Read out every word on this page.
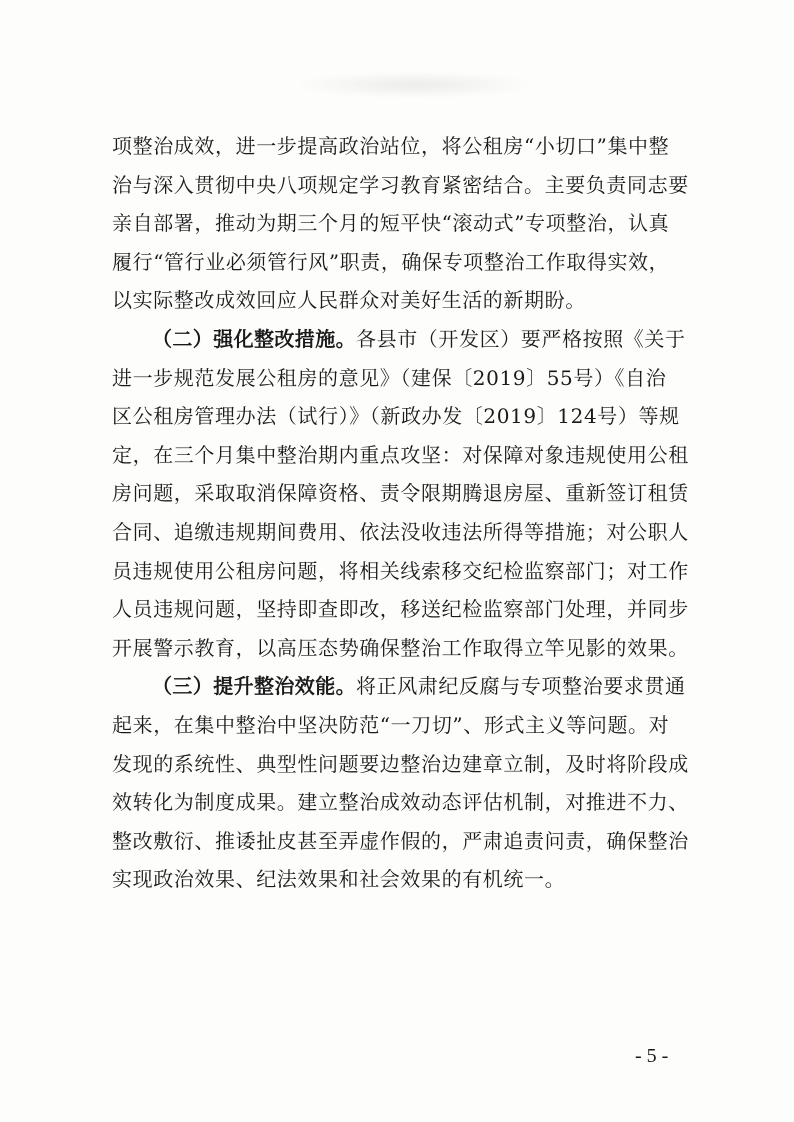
项整治成效，进一步提高政治站位，将公租房“小切口”集中整
治与深入贯彻中央八项规定学习教育紧密结合。主要负责同志要
亲自部署，推动为期三个月的短平快“滚动式”专项整治，认真
履行“管行业必须管行风”职责，确保专项整治工作取得实效，
以实际整改成效回应人民群众对美好生活的新期盼。
（二）强化整改措施。各县市（开发区）要严格按照《关于
进一步规范发展公租房的意见》（建保〔2019〕55号）《自治
区公租房管理办法（试行）》（新政办发〔2019〕124号）等规
定，在三个月集中整治期内重点攻坚：对保障对象违规使用公租
房问题，采取取消保障资格、责令限期腾退房屋、重新签订租赁
合同、追缴违规期间费用、依法没收违法所得等措施；对公职人
员违规使用公租房问题，将相关线索移交纪检监察部门；对工作
人员违规问题，坚持即查即改，移送纪检监察部门处理，并同步
开展警示教育，以高压态势确保整治工作取得立竿见影的效果。
（三）提升整治效能。将正风肃纪反腐与专项整治要求贯通
起来，在集中整治中坚决防范“一刀切”、形式主义等问题。对
发现的系统性、典型性问题要边整治边建章立制，及时将阶段成
效转化为制度成果。建立整治成效动态评估机制，对推进不力、
整改敷衍、推诿扯皮甚至弄虚作假的，严肃追责问责，确保整治
实现政治效果、纪法效果和社会效果的有机统一。
- 5 -
